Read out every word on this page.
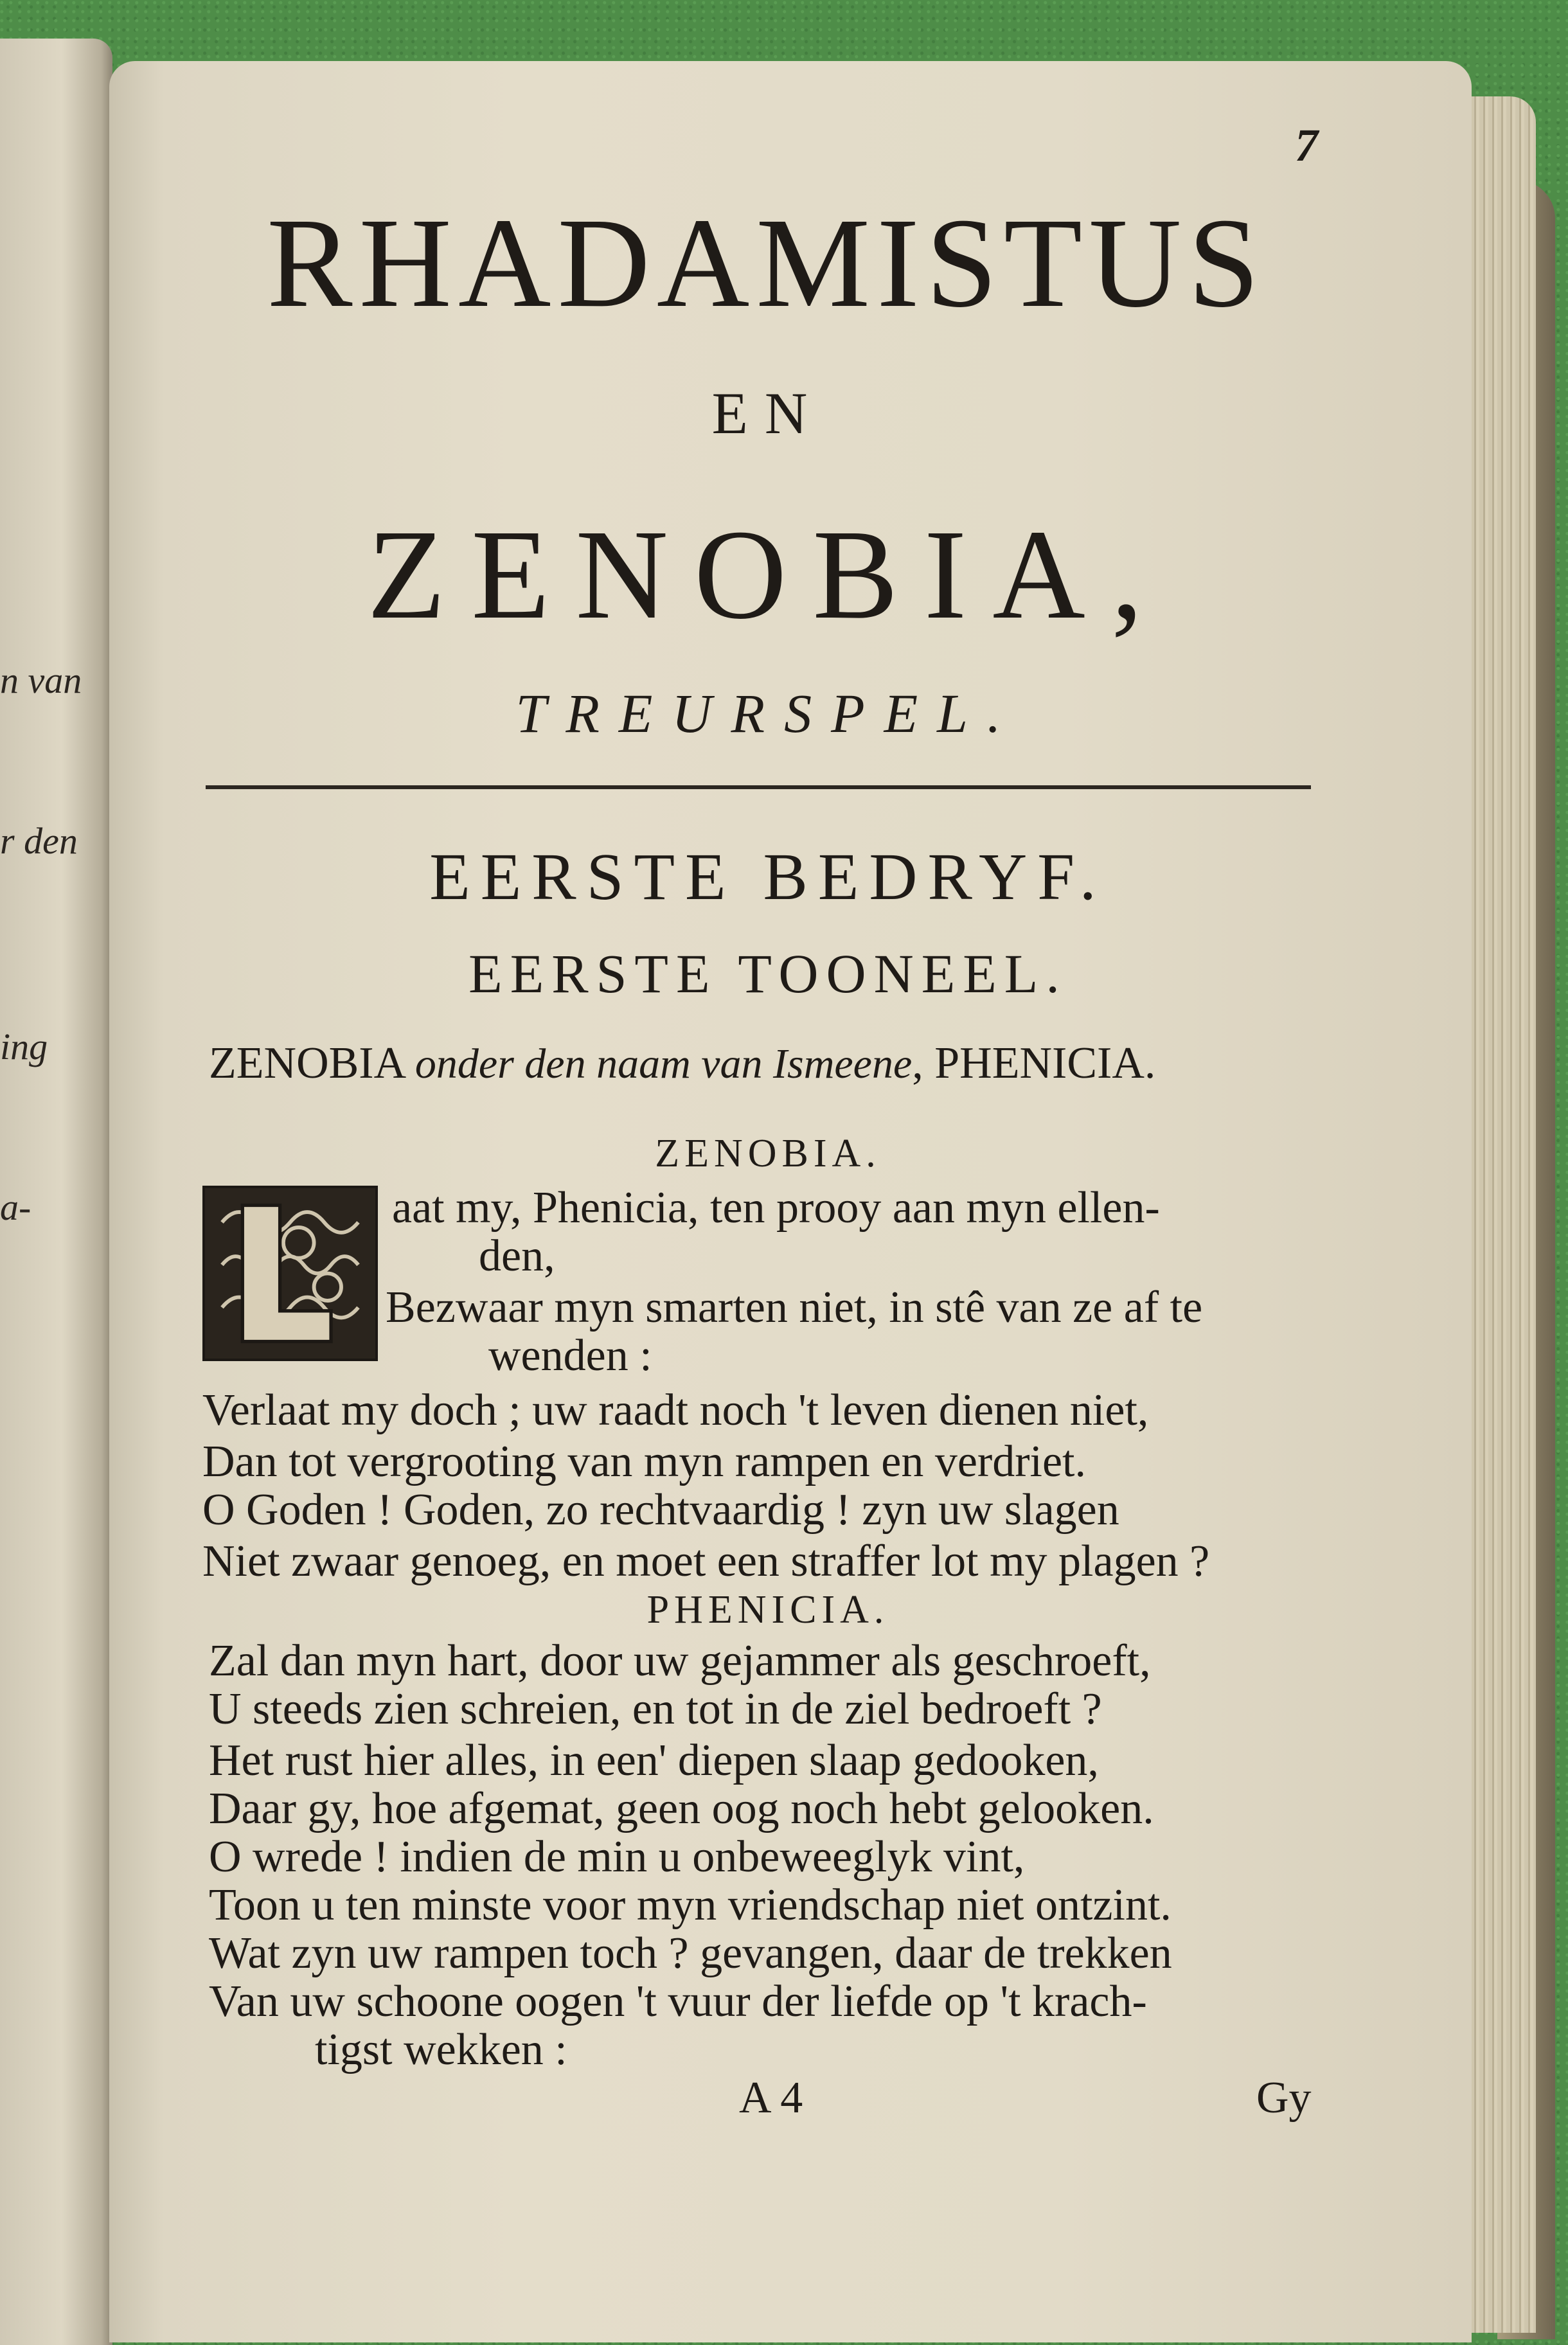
n van
r den
ing
a-

7

RHADAMISTUS

EN

ZENOBIA,

TREURSPEL.

EERSTE BEDRYF.

EERSTE TOONEEL.

ZENOBIA onder den naam van Ismeene, PHENICIA.

ZENOBIA.

aat my, Phenicia, ten prooy aan myn ellen-

den,

Bezwaar myn smarten niet, in stê van ze af te

wenden :

Verlaat my doch ; uw raadt noch 't leven dienen niet,

Dan tot vergrooting van myn rampen en verdriet.

O Goden ! Goden, zo rechtvaardig ! zyn uw slagen

Niet zwaar genoeg, en moet een straffer lot my plagen ?

PHENICIA.

Zal dan myn hart, door uw gejammer als geschroeft,

U steeds zien schreien, en tot in de ziel bedroeft ?

Het rust hier alles, in een' diepen slaap gedooken,

Daar gy, hoe afgemat, geen oog noch hebt gelooken.

O wrede ! indien de min u onbeweeglyk vint,

Toon u ten minste voor myn vriendschap niet ontzint.

Wat zyn uw rampen toch ? gevangen, daar de trekken

Van uw schoone oogen 't vuur der liefde op 't krach-

tigst wekken :

A 4	Gy
